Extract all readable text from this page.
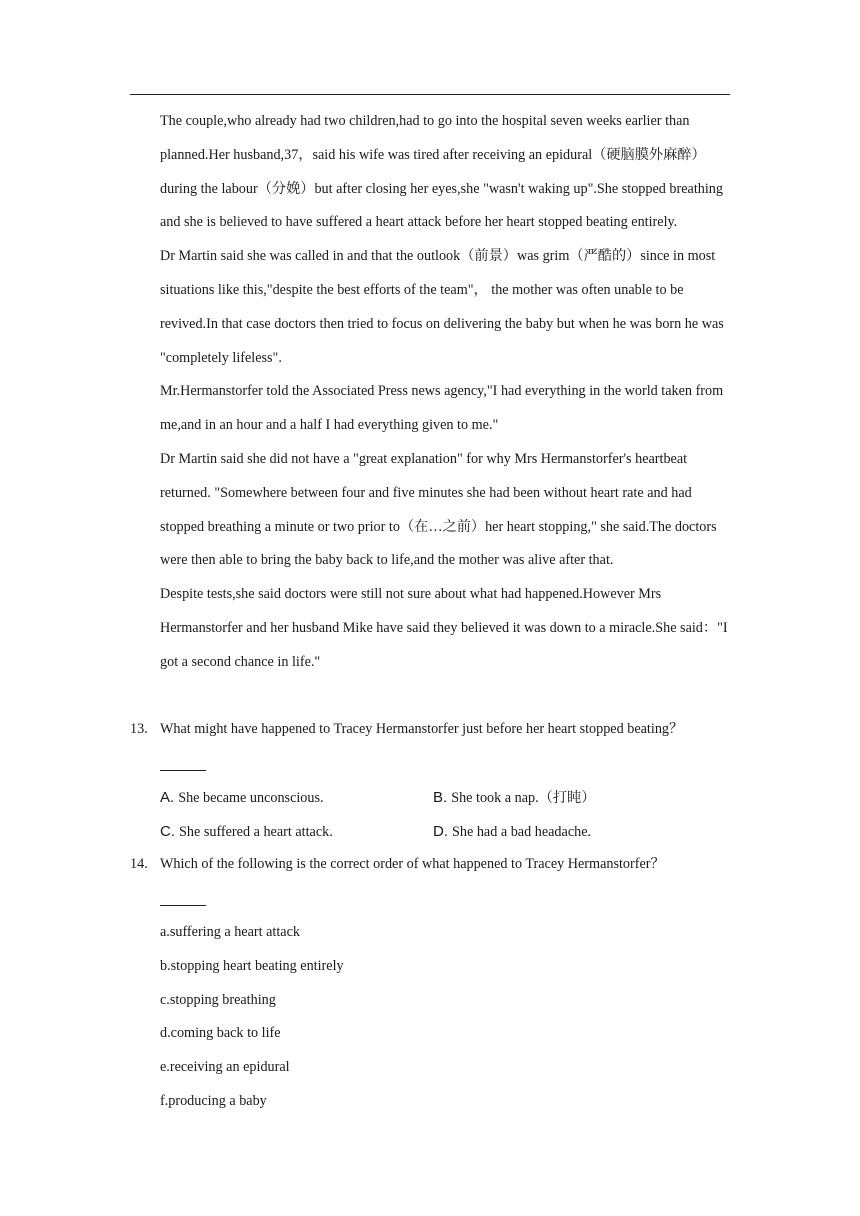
The couple,who already had two children,had to go into the hospital seven weeks earlier than planned.Her husband,37，said his wife was tired after receiving an epidural（硬脑膜外麻醉）during the labour（分娩）but after closing her eyes,she "wasn't waking up".She stopped breathing and she is believed to have suffered a heart attack before her heart stopped beating entirely.

Dr Martin said she was called in and that the outlook（前景）was grim（严酷的）since in most situations like this,"despite the best efforts of the team"， the mother was often unable to be revived.In that case doctors then tried to focus on delivering the baby but when he was born he was "completely lifeless".

Mr.Hermanstorfer told the Associated Press news agency,"I had everything in the world taken from me,and in an hour and a half I had everything given to me."

Dr Martin said she did not have a "great explanation" for why Mrs Hermanstorfer's heartbeat returned. "Somewhere between four and five minutes she had been without heart rate and had stopped breathing a minute or two prior to（在…之前）her heart stopping," she said.The doctors were then able to bring the baby back to life,and the mother was alive after that.

Despite tests,she said doctors were still not sure about what had happened.However Mrs Hermanstorfer and her husband Mike have said they believed it was down to a miracle.She said："I got a second chance in life."

13. What might have happened to Tracey Hermanstorfer just before her heart stopped beating？
A. She became unconscious.	B. She took a nap.（打盹）
C. She suffered a heart attack.	D. She had a bad headache.
14. Which of the following is the correct order of what happened to Tracey Hermanstorfer？
a.suffering a heart attack
b.stopping heart beating entirely
c.stopping breathing
d.coming back to life
e.receiving an epidural
f.producing a baby
